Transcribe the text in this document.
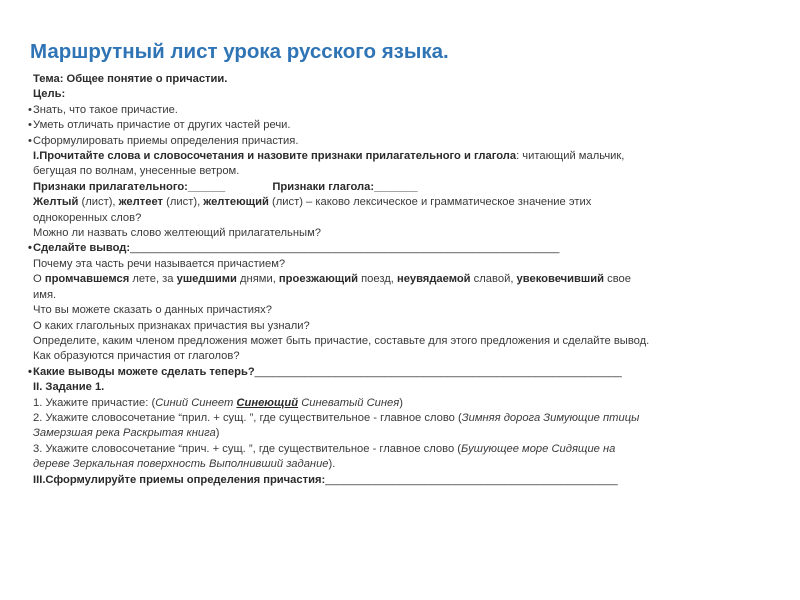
Маршрутный лист урока русского языка.
Тема: Общее понятие о причастии.
Цель:
•Знать, что такое причастие.
•Уметь отличать причастие от других частей речи.
•Сформулировать приемы определения причастия.
I.Прочитайте слова и словосочетания и назовите признаки прилагательного и глагола: читающий мальчик,
бегущая по волнам, унесенные ветром.
Признаки прилагательного:______	Признаки глагола:_______
Желтый (лист), желтеет (лист), желтеющий (лист) – каково лексическое и грамматическое значение этих
однокоренных слов?
Можно ли назвать слово желтеющий прилагательным?
•Сделайте вывод:_____________________________________________________________________
Почему эта часть речи называется причастием?
О промчавшемся лете, за ушедшими днями, проезжающий поезд, неувядаемой славой, увековечивший свое
имя.
Что вы можете сказать о данных причастиях?
О каких глагольных признаках причастия вы узнали?
Определите, каким членом предложения может быть причастие, составьте для этого предложения и сделайте вывод.
Как образуются причастия от глаголов?
•Какие выводы можете сделать теперь?___________________________________________________________
II. Задание 1.
1. Укажите причастие: (Синий Синеет Синеющий Синеватый Синея)
2. Укажите словосочетание “прил. + сущ. ”, где существительное - главное слово (Зимняя дорога Зимующие птицы
Замерзшая река Раскрытая книга)
3. Укажите словосочетание “прич. + сущ. ”, где существительное - главное слово (Бушующее море Сидящие на
дереве Зеркальная поверхность Выполнивший задание).
III.Сформулируйте приемы определения причастия:_______________________________________________
